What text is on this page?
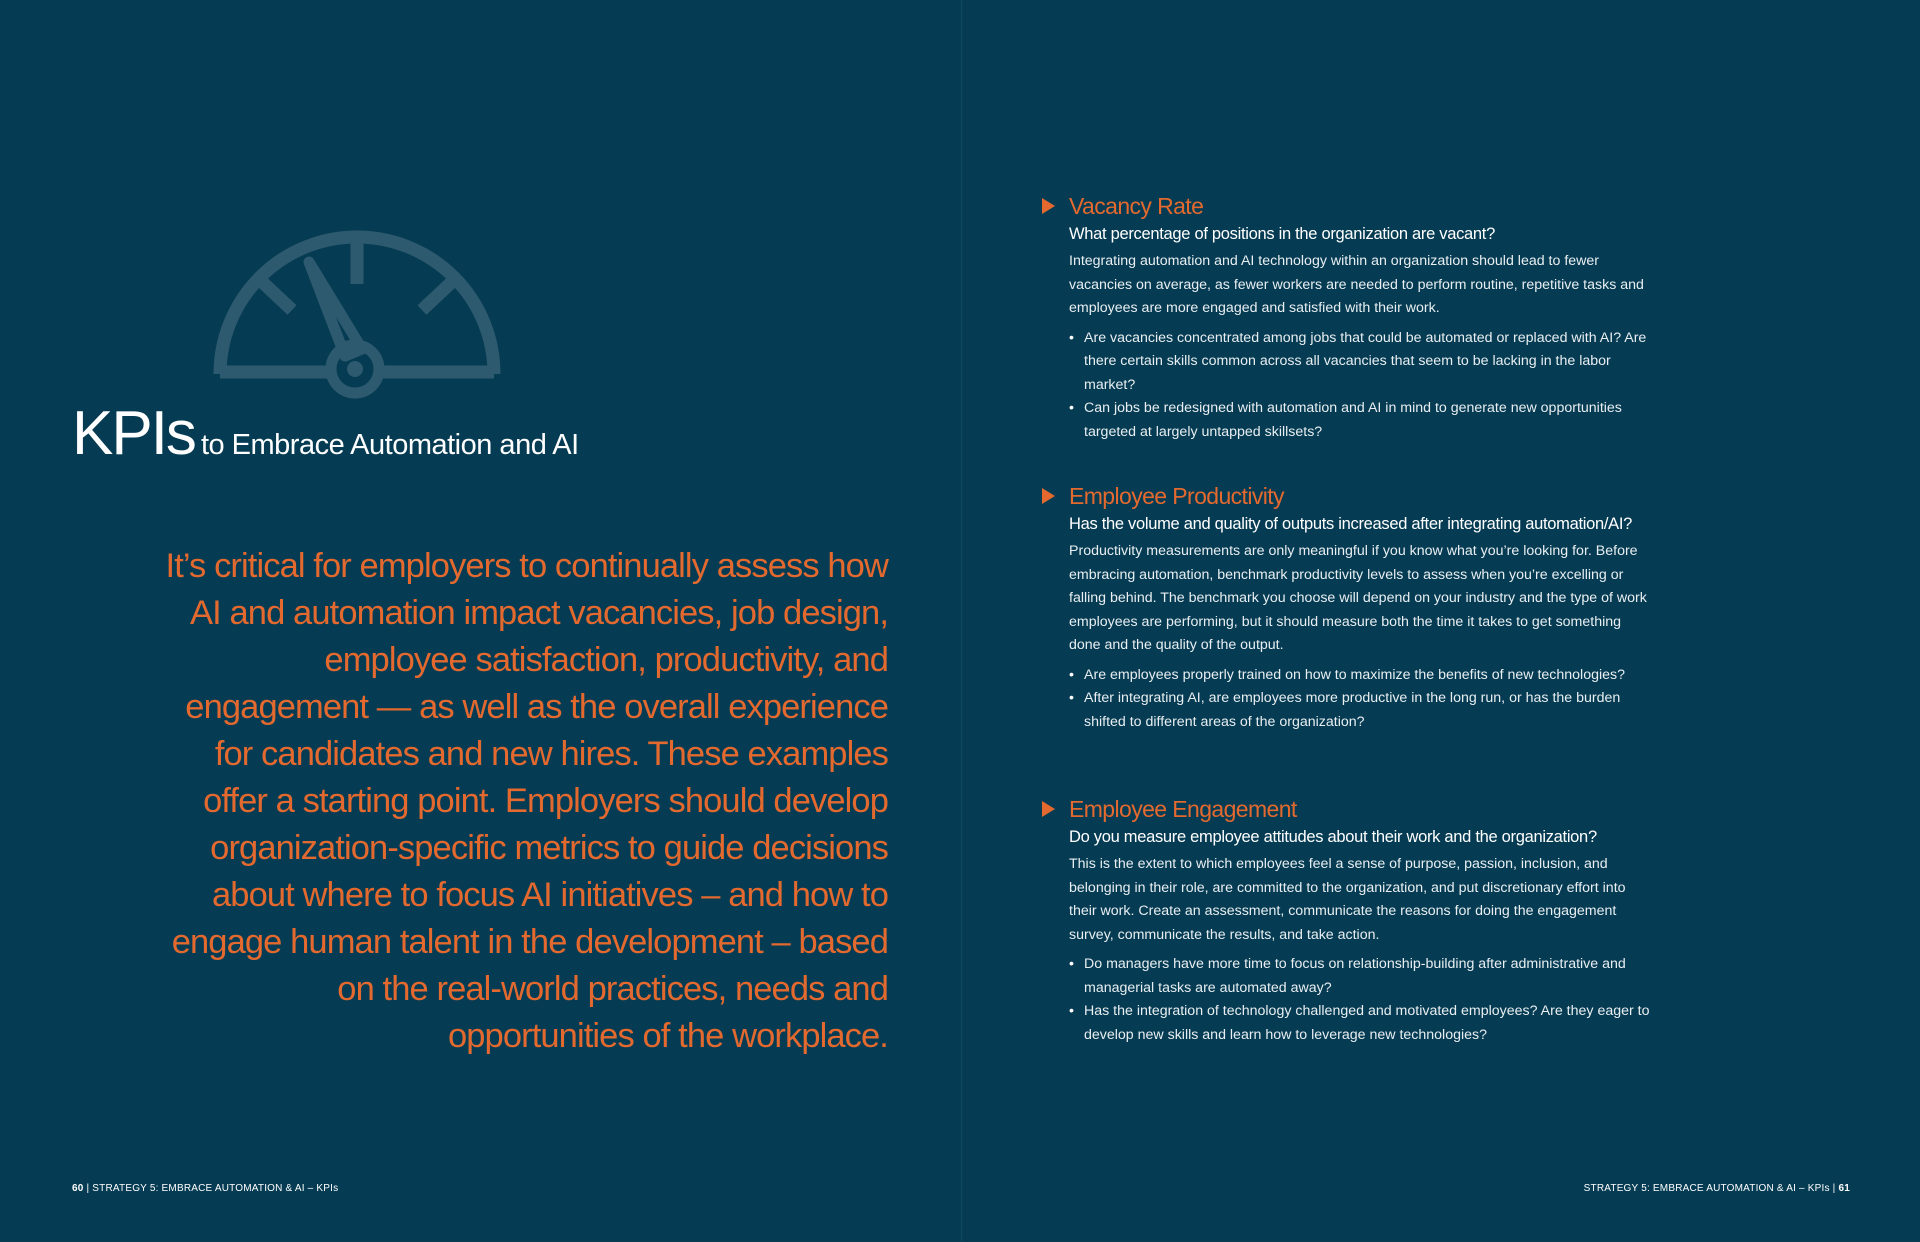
KPIs to Embrace Automation and AI
It’s critical for employers to continually assess how AI and automation impact vacancies, job design, employee satisfaction, productivity, and engagement — as well as the overall experience for candidates and new hires. These examples offer a starting point. Employers should develop organization-specific metrics to guide decisions about where to focus AI initiatives – and how to engage human talent in the development – based on the real-world practices, needs and opportunities of the workplace.
60 | STRATEGY 5: EMBRACE AUTOMATION & AI – KPIs
Vacancy Rate
What percentage of positions in the organization are vacant?
Integrating automation and AI technology within an organization should lead to fewer vacancies on average, as fewer workers are needed to perform routine, repetitive tasks and employees are more engaged and satisfied with their work.
• Are vacancies concentrated among jobs that could be automated or replaced with AI? Are there certain skills common across all vacancies that seem to be lacking in the labor market?
• Can jobs be redesigned with automation and AI in mind to generate new opportunities targeted at largely untapped skillsets?
Employee Productivity
Has the volume and quality of outputs increased after integrating automation/AI?
Productivity measurements are only meaningful if you know what you’re looking for. Before embracing automation, benchmark productivity levels to assess when you’re excelling or falling behind. The benchmark you choose will depend on your industry and the type of work employees are performing, but it should measure both the time it takes to get something done and the quality of the output.
• Are employees properly trained on how to maximize the benefits of new technologies?
• After integrating AI, are employees more productive in the long run, or has the burden shifted to different areas of the organization?
Employee Engagement
Do you measure employee attitudes about their work and the organization?
This is the extent to which employees feel a sense of purpose, passion, inclusion, and belonging in their role, are committed to the organization, and put discretionary effort into their work. Create an assessment, communicate the reasons for doing the engagement survey, communicate the results, and take action.
• Do managers have more time to focus on relationship-building after administrative and managerial tasks are automated away?
• Has the integration of technology challenged and motivated employees? Are they eager to develop new skills and learn how to leverage new technologies?
STRATEGY 5: EMBRACE AUTOMATION & AI – KPIs | 61
